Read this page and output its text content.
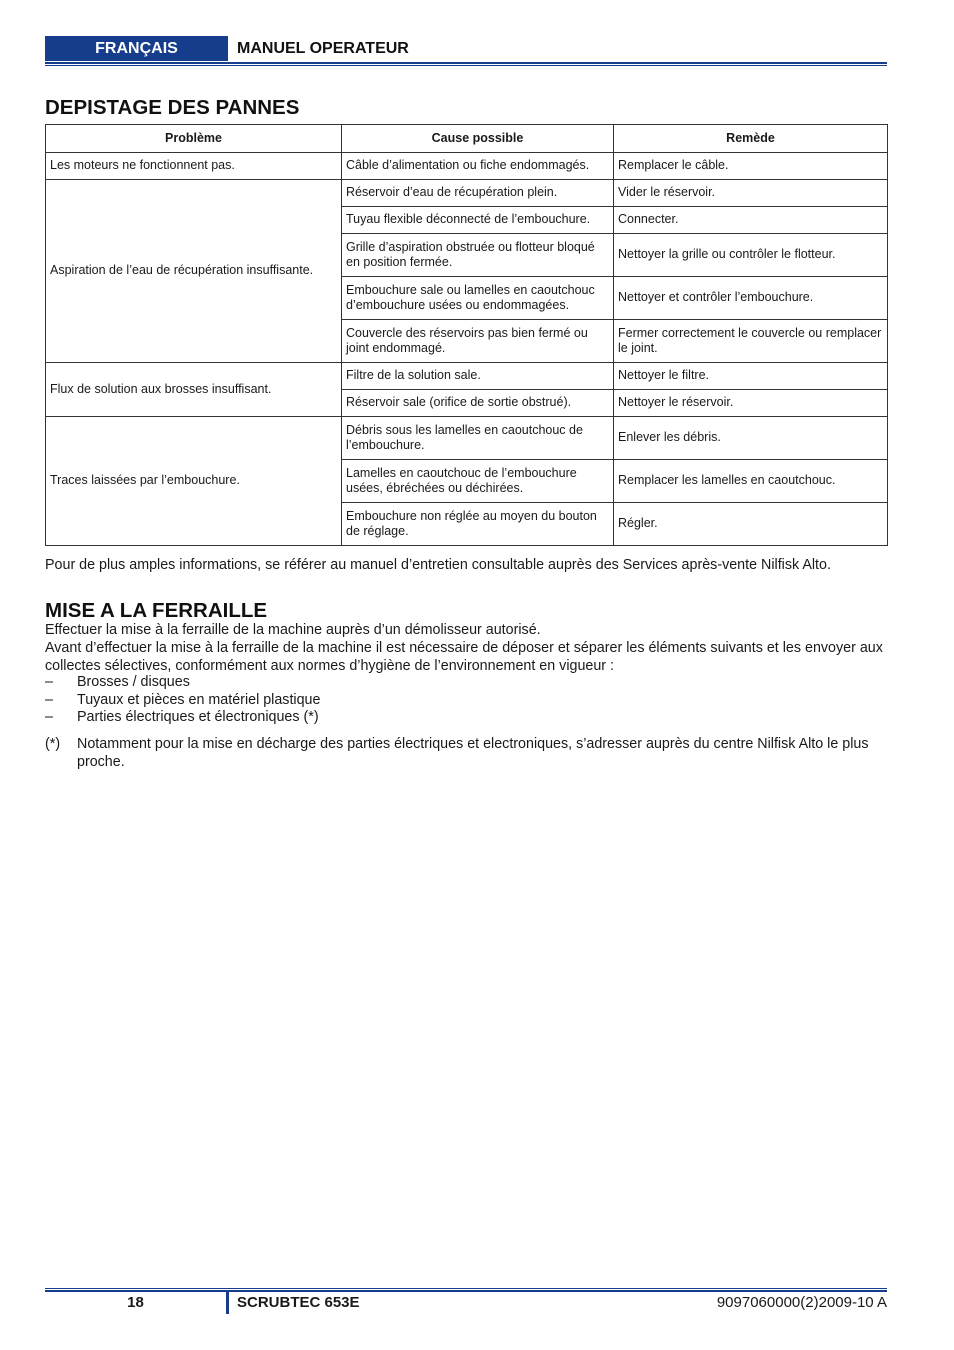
FRANÇAIS	MANUEL OPERATEUR
DEPISTAGE DES PANNES
Problème	Cause possible	Remède
Les moteurs ne fonctionnent pas.	Câble d’alimentation ou fiche endommagés.	Remplacer le câble.
Aspiration de l’eau de récupération insuffisante.	Réservoir d’eau de récupération plein.	Vider le réservoir.
	Tuyau flexible déconnecté de l’embouchure.	Connecter.
	Grille d’aspiration obstruée ou flotteur bloqué en position fermée.	Nettoyer la grille ou contrôler le flotteur.
	Embouchure sale ou lamelles en caoutchouc d’embouchure usées ou endommagées.	Nettoyer et contrôler l’embouchure.
	Couvercle des réservoirs pas bien fermé ou joint endommagé.	Fermer correctement le couvercle ou remplacer le joint.
Flux de solution aux brosses insuffisant.	Filtre de la solution sale.	Nettoyer le filtre.
	Réservoir sale (orifice de sortie obstrué).	Nettoyer le réservoir.
Traces laissées par l’embouchure.	Débris sous les lamelles en caoutchouc de l’embouchure.	Enlever les débris.
	Lamelles en caoutchouc de l’embouchure usées, ébréchées ou déchirées.	Remplacer les lamelles en caoutchouc.
	Embouchure non réglée au moyen du bouton de réglage.	Régler.

Pour de plus amples informations, se référer au manuel d’entretien consultable auprès des Services après-vente Nilfisk Alto.

MISE A LA FERRAILLE

Effectuer la mise à la ferraille de la machine auprès d’un démolisseur autorisé.

Avant d’effectuer la mise à la ferraille de la machine il est nécessaire de déposer et séparer les éléments suivants et les envoyer aux collectes sélectives, conformément aux normes d’hygiène de l’environnement en vigueur :

–	Brosses / disques
–	Tuyaux et pièces en matériel plastique
–	Parties électriques et électroniques (*)
(*)	Notamment pour la mise en décharge des parties électriques et electroniques, s’adresser auprès du centre Nilfisk Alto le plus proche.
18	SCRUBTEC 653E	9097060000(2)2009-10 A
